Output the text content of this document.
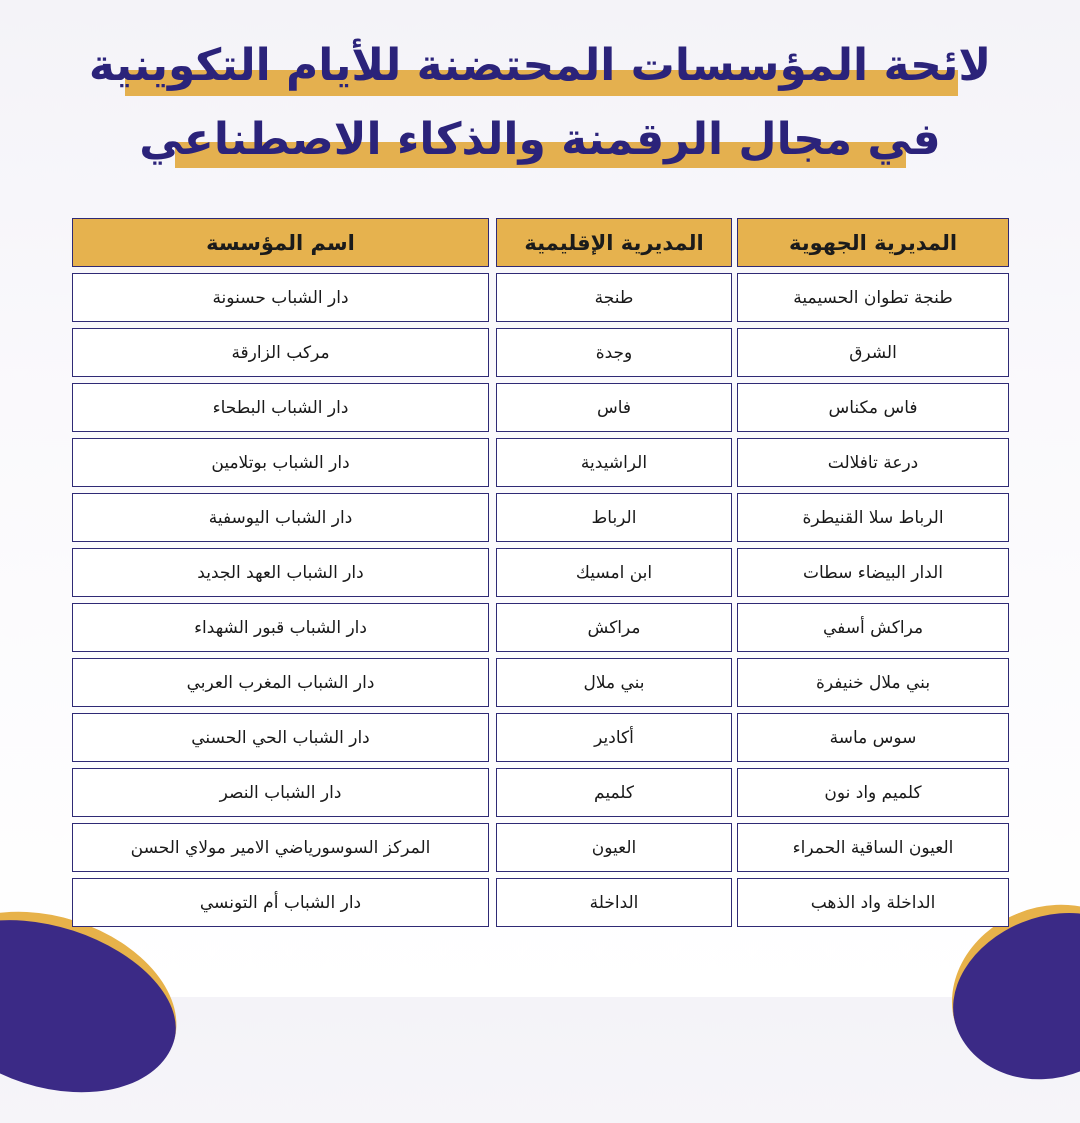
لائحة المؤسسات المحتضنة للأيام التكوينية
في مجال الرقمنة والذكاء الاصطناعي
اسم المؤسسة	المديرية الإقليمية	المديرية الجهوية
دار الشباب حسنونة	طنجة	طنجة تطوان الحسيمية
مركب الزارقة	وجدة	الشرق
دار الشباب البطحاء	فاس	فاس مكناس
دار الشباب بوتلامين	الراشيدية	درعة تافلالت
دار الشباب اليوسفية	الرباط	الرباط سلا القنيطرة
دار الشباب العهد الجديد	ابن امسيك	الدار البيضاء سطات
دار الشباب قبور الشهداء	مراكش	مراكش أسفي
دار الشباب المغرب العربي	بني ملال	بني ملال خنيفرة
دار الشباب الحي الحسني	أكادير	سوس ماسة
دار الشباب النصر	كلميم	كلميم واد نون
المركز السوسورياضي الامير مولاي الحسن	العيون	العيون الساقية الحمراء
دار الشباب أم التونسي	الداخلة	الداخلة واد الذهب
